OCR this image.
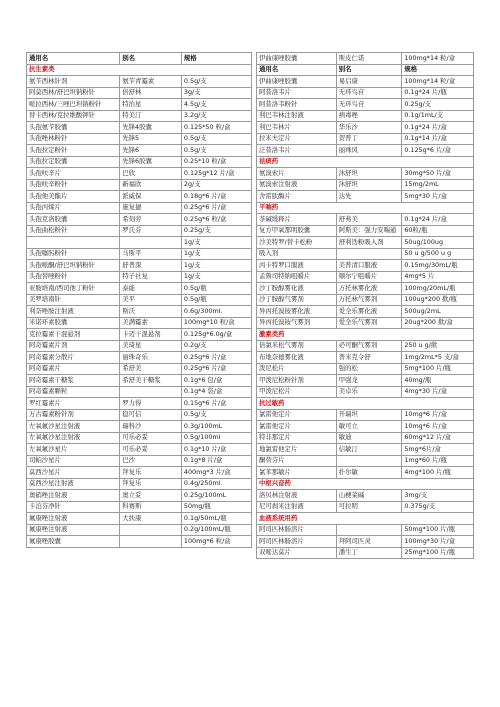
通用名	别名	规格
抗生素类		
氨苄西林针剂	氨苄青霉素	0.5g/支
阿莫西林/舒巴坦钠粉针	倍舒林	3g/支
哌拉西林/三唑巴坦钠粉针	特治星	4.5g/支
替卡西林/克拉维酸钾针	特美汀	3.2g/支
头孢氨苄胶囊	先锋4胶囊	0.125*50 粒/盒
头孢唑林粉针	先锋5	0.5g/支
头孢拉定粉针	先锋6	0.5g/支
头孢拉定胶囊	先锋6胶囊	0.25*10 粒/盒
头孢呋辛片	巴欣	0.125g*12 片/盒
头孢呋辛粉针	新福欣	2g/支
头孢他美酯片	派威保	0.18g*6 片/盒
头孢丙烯片	施复捷	0.25g*6 片/盒
头孢克洛胶囊	希刻劳	0.25g*6 粒/盒
头孢曲松粉针	罗氏芬	0.25g/支
		1g/支
头孢噻肟粉针	马斯平	1g/支
头孢哌酮/舒巴坦钠粉针	舒普深	1g/支
头孢替唑粉针	特子社复	1g/支
亚胺培南/西司他丁粉针	泰能	0.5g/瓶
美罗培南针	美平	0.5g/瓶
利奈唑胺注射液	斯沃	0.6g/300ml.
米诺环素胶囊	美满霉素	100mg*10 粒/盒
克拉霉素干混悬剂	卡迈干混悬剂	0.125g*6.0g/盒
阿奇霉素片剂	美琦星	0.2g/支
阿奇霉素分散片	丽珠奇乐	0.25g*6 片/盒
阿奇霉素片	希舒美	0.25g*6 片/盒
阿奇霉素干糖浆	希舒美干糖浆	0.1g*6 包/盒
阿奇霉素颗粒		0.1g*4 袋/盒
罗红霉素片	罗力得	0.15g*6 片/盒
万古霉素粉针剂	稳可信	0.5g/支
左氧氟沙星注射液	瑞科沙	0.3g/100mL
左氧氟沙星注射液	可乐必妥	0.5g/100ml
左氧氟沙星片	可乐必妥	0.1g*10 片/盒
司帕沙星片	巴沙	0.1g*8 片/盒
莫西沙星片	拜复乐	400mg*3 片/盒
莫西沙星注射液	拜复乐	0.4g/250ml.
奥硝唑注射液	奥立妥	0.25g/100mL
卡泊芬净针	科赛斯	50mg/瓶
氟康唑注射液	大扶康	0.1g/50mL/瓶
氟康唑注射液		0.2g/100mL/瓶
氟康唑胶囊		100mg*6 粒/盒
伊曲康唑胶囊	斯皮仁诺	100mg*14 粒/盒
通用名	别名	规格
伊曲康唑胶囊	易启康	100mg*14 粒/盒
阿昔洛韦片	无环鸟苷	0.1g*24 片/瓶
阿昔洛韦粉针	无环鸟苷	0.25g/支
利巴韦林注射液	病毒唑	0.1g/1mL/支
利巴韦林片	华乐沙	0.1g*24 片/盒
拉米夫定片	贺普丁	0.1g*14 片/盒
泛昔洛韦片	丽珠风	0.125g*6 片/盒
祛痰药		
氨溴索片	沐舒坦	30mg*50 片/盒
氨溴索注射液	沐舒坦	15mg/2mL
舍雷肽酶片	达先	5mg*30 片/盒
平喘药		
茶碱缓释片	舒弗美	0.1g*24 片/盒
复方甲氧那明胶囊	阿斯美：强力安喘通	60粒/瓶
沙美特罗/替卡松粉	舒利迭粉吸入剂	50ug/100ug
吸入剂		50 u g/500 u g
丙卡特罗口服液	美普清口服液	0.15mg/30mL/瓶
孟鲁司特钠咀嚼片	顺尔宁咀嚼片	4mg*5 片
沙丁胺醇雾化液	万托林雾化液	100mg/20mL/瓶
沙丁胺醇气雾剂	万托林气雾剂	100ug*200 揿/瓶
异丙托溴铵雾化液	爱全乐雾化液	500ug/2mL
异丙托溴铵气雾剂	爱全乐气雾剂	20ug*200 揿/盒
激素类药		
倍氯米松气雾剂	必可酮气雾剂	250 u g/揿
布地奈德雾化液	普米克令舒	1mg/2mL*5 支/盒
泼尼松片	强的松	5mg*100 片/瓶
甲泼尼松粉针剂	甲强龙	40mg/瓶
甲泼尼松片	美卓乐	4mg*30 片/盒
抗过敏药		
氯雷他定片	开瑞坦	10mg*6 片/盒
氯雷他定片	敏可立	10mg*6 片/盒
特非那定片	敏迪	60mg*12 片/盒
地氯雷他定片	信敏汀	5mg*6片/盒
酮替芬片		1mg*60 片/瓶
氯苯那敏片	扑尔敏	4mg*100 片/瓶
中枢兴奋药		
洛贝林注射液	山梗菜碱	3mg/支
尼可刹米注射液	可拉明	0.375g/支
血液系统用药		
阿司匹林肠溶片		50mg*100 片/瓶
阿司匹林肠溶片	拜阿司匹灵	100mg*30 片/盒
双嘧达莫片	潘生丁	25mg*100 片/瓶
